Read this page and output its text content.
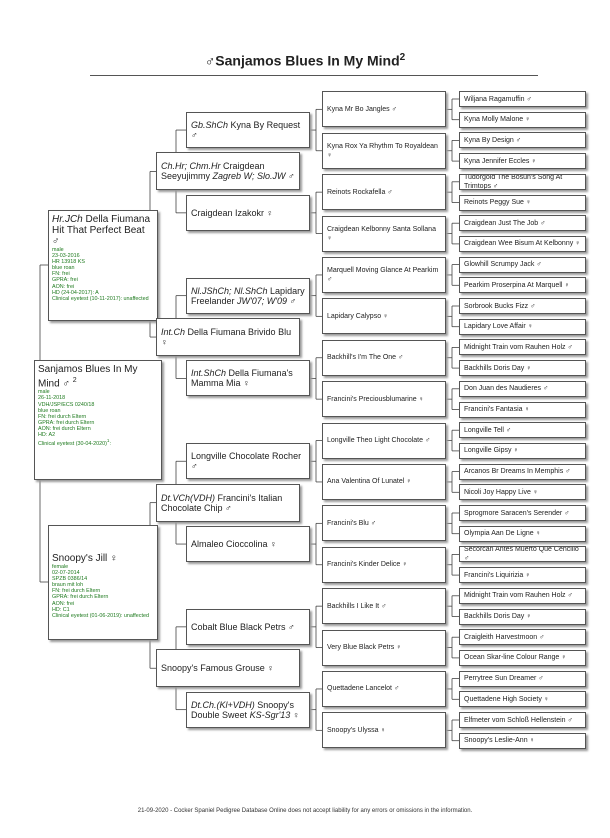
♂Sanjamos Blues In My Mind$^2$
Sanjamos Blues In My Mind ♂ $^2$
male
26-11-2018
VDH/JSP/ECS 0240/18
blue roan
FN: frei durch Eltern
GPRA: frei durch Eltern
AON: frei durch Eltern
HD: A2
Clinical eyetest $(30-04-2020)^1$:
Hr.JCh Della Fiumana Hit That Perfect Beat ♂
male
23-03-2016
HR 13918 KS
blue roan
FN: frei
GPRA: frei
AON: frei
HD (24-04-2017): A
Clinical eyetest (10-11-2017): unaffected
Snoopy's Jill ♀
female
02-07-2014
SPZB 0386/14
braun mit loh
FN: frei durch Eltern
GPRA: frei durch Eltern
AON: frei
HD: C1
Clinical eyetest (01-06-2019): unaffected
Wiljana Ragamuffin ♂
Kyna Molly Malone ♀
Kyna By Design ♂
Kyna Jennifer Eccles ♀
Tudorgold The Bosun's Song At Trimtops ♂
Reinots Peggy Sue ♀
Craigdean Just The Job ♂
Craigdean Wee Bisum At Kelbonny ♀
Glowhill Scrumpy Jack ♂
Pearkim Proserpina At Marquell ♀
Sorbrook Bucks Fizz ♂
Lapidary Love Affair ♀
Midnight Train vom Rauhen Holz ♂
Backhills Doris Day ♀
Don Juan des Naudieres ♂
Francini's Fantasia ♀
Longville Tell ♂
Longville Gipsy ♀
Arcanos Br Dreams In Memphis ♂
Nicoli Joy Happy Live ♀
Sprogmore Saracen's Serender ♂
Olympia Aan De Ligne ♀
Secorcan Antes Muerto Que Cencillo ♂
Francini's Liquirizia ♀
Midnight Train vom Rauhen Holz ♂
Backhills Doris Day ♀
Craigleith Harvestmoon ♂
Ocean Skar-line Colour Range ♀
Perrytree Sun Dreamer ♂
Quettadene High Society ♀
Elfmeter vom Schloß Hellenstein ♂
Snoopy's Leslie-Ann ♀
Kyna Mr Bo Jangles ♂
Kyna Rox Ya Rhythm To Royaldean ♀
Reinots Rockafella ♂
Craigdean Kelbonny Santa Sollana ♀
Marquell Moving Glance At Pearkim ♂
Lapidary Calypso ♀
Backhill's I'm The One ♂
Francini's Preciousblumarine ♀
Longville Theo Light Chocolate ♂
Ana Valentina Of Lunatel ♀
Francini's Blu ♂
Francini's Kinder Delice ♀
Backhills I Like It ♂
Very Blue Black Petrs ♀
Quettadene Lancelot ♂
Snoopy's Ulyssa ♀
Gb.ShCh Kyna By Request ♂
Craigdean Izakokr ♀
Nl.JShCh; Nl.ShCh Lapidary Freelander JW'07; W'09 ♂
Int.ShCh Della Fiumana's Mamma Mia ♀
Longville Chocolate Rocher ♂
Almaleo Cioccolina ♀
Cobalt Blue Black Petrs ♂
Dt.Ch.(Kl+VDH) Snoopy's Double Sweet KS-Sgr'13 ♀
Ch.Hr; Chm.Hr Craigdean Seeyujimmy Zagreb W; Slo.JW ♂
Int.Ch Della Fiumana Brivido Blu ♀
Dt.VCh(VDH) Francini's Italian Chocolate Chip ♂
Snoopy's Famous Grouse ♀
21-09-2020 - Cocker Spaniel Pedigree Database Online does not accept liability for any errors or omissions in the information.
